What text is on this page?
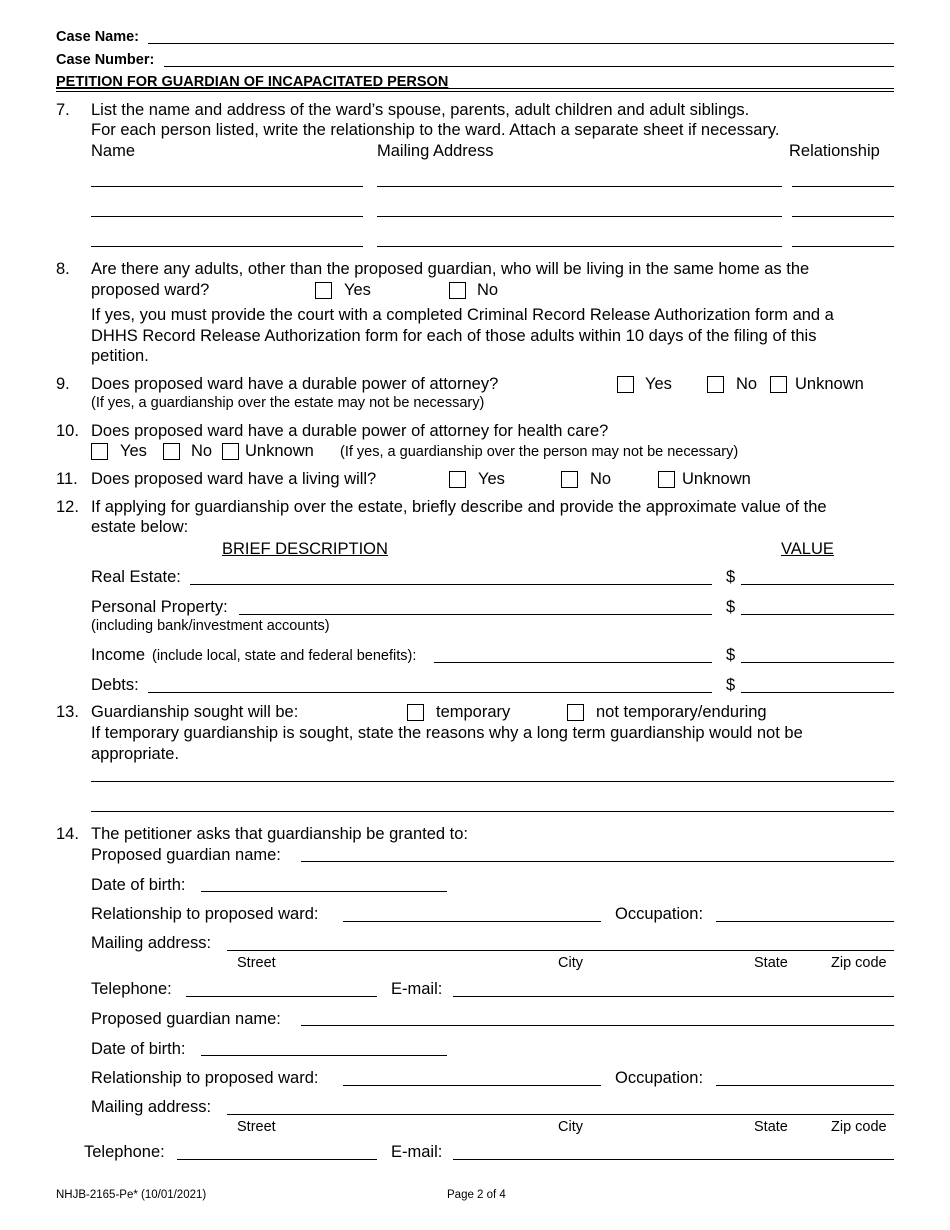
Case Name:
Case Number:
PETITION FOR GUARDIAN OF INCAPACITATED PERSON
7. List the name and address of the ward’s spouse, parents, adult children and adult siblings.
For each person listed, write the relationship to the ward. Attach a separate sheet if necessary.
Name	Mailing Address	Relationship
8. Are there any adults, other than the proposed guardian, who will be living in the same home as the
proposed ward?	Yes	No
If yes, you must provide the court with a completed Criminal Record Release Authorization form and a
DHHS Record Release Authorization form for each of those adults within 10 days of the filing of this
petition.
9. Does proposed ward have a durable power of attorney?	Yes	No Unknown
(If yes, a guardianship over the estate may not be necessary)
10. Does proposed ward have a durable power of attorney for health care?
Yes	No Unknown (If yes, a guardianship over the person may not be necessary)
11. Does proposed ward have a living will?	Yes	No	Unknown
12. If applying for guardianship over the estate, briefly describe and provide the approximate value of the
estate below:
BRIEF DESCRIPTION	VALUE
Real Estate:	$
Personal Property:	$
(including bank/investment accounts)
Income (include local, state and federal benefits):	$
Debts:	$
13. Guardianship sought will be:	temporary	not temporary/enduring
If temporary guardianship is sought, state the reasons why a long term guardianship would not be
appropriate.
14. The petitioner asks that guardianship be granted to:
Proposed guardian name:
Date of birth:
Relationship to proposed ward:	Occupation:
Mailing address:
Street	City	State	Zip code
Telephone:	E-mail:
Proposed guardian name:
Date of birth:
Relationship to proposed ward:	Occupation:
Mailing address:
Street	City	State	Zip code
Telephone:	E-mail:
NHJB-2165-Pe* (10/01/2021)	Page 2 of 4
